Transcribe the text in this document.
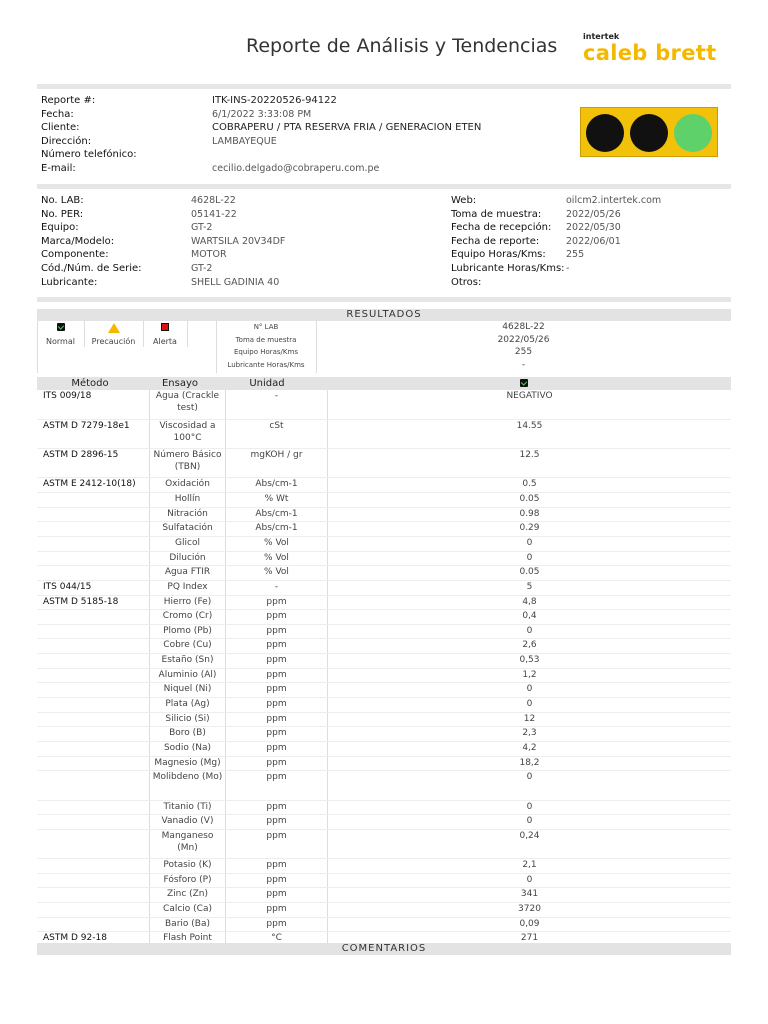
Reporte de Análisis y Tendencias	intertek
caleb brett
Reporte #:	ITK-INS-20220526-94122
Fecha:	6/1/2022 3:33:08 PM
Cliente:	COBRAPERU / PTA RESERVA FRIA / GENERACION ETEN
Dirección:	LAMBAYEQUE
Número telefónico:
E-mail:	cecilio.delgado@cobraperu.com.pe
No. LAB:	4628L-22
No. PER:	05141-22
Equipo:	GT-2
Marca/Modelo:	WARTSILA 20V34DF
Componente:	MOTOR
Cód./Núm. de Serie:	GT-2
Lubricante:	SHELL GADINIA 40
Web:	oilcm2.intertek.com
Toma de muestra:	2022/05/26
Fecha de recepción: 2022/05/30
Fecha de reporte:	2022/06/01
Equipo Horas/Kms: 255
Lubricante Horas/Kms: -
Otros:
RESULTADOS
Normal	Precaución	Alerta
N° LAB	4628L-22
Toma de muestra	2022/05/26
Equipo Horas/Kms	255
Lubricante Horas/Kms	-
Método	Ensayo	Unidad
ITS 009/18	Agua (Crackle test)	-	NEGATIVO
ASTM D 7279-18e1	Viscosidad a 100°C	cSt	14.55
ASTM D 2896-15	Número Básico (TBN)	mgKOH / gr	12.5
ASTM E 2412-10(18)	Oxidación	Abs/cm-1	0.5
	Hollín	% Wt	0.05
	Nitración	Abs/cm-1	0.98
	Sulfatación	Abs/cm-1	0.29
	Glicol	% Vol	0
	Dilución	% Vol	0
	Agua FTIR	% Vol	0.05
ITS 044/15	PQ Index	-	5
ASTM D 5185-18	Hierro (Fe)	ppm	4,8
	Cromo (Cr)	ppm	0,4
	Plomo (Pb)	ppm	0
	Cobre (Cu)	ppm	2,6
	Estaño (Sn)	ppm	0,53
	Aluminio (Al)	ppm	1,2
	Niquel (Ni)	ppm	0
	Plata (Ag)	ppm	0
	Silicio (Si)	ppm	12
	Boro (B)	ppm	2,3
	Sodio (Na)	ppm	4,2
	Magnesio (Mg)	ppm	18,2
	Molibdeno (Mo)	ppm	0
	Titanio (Ti)	ppm	0
	Vanadio (V)	ppm	0
	Manganeso (Mn)	ppm	0,24
	Potasio (K)	ppm	2,1
	Fósforo (P)	ppm	0
	Zinc (Zn)	ppm	341
	Calcio (Ca)	ppm	3720
	Bario (Ba)	ppm	0,09
ASTM D 92-18	Flash Point	°C	271
COMENTARIOS
